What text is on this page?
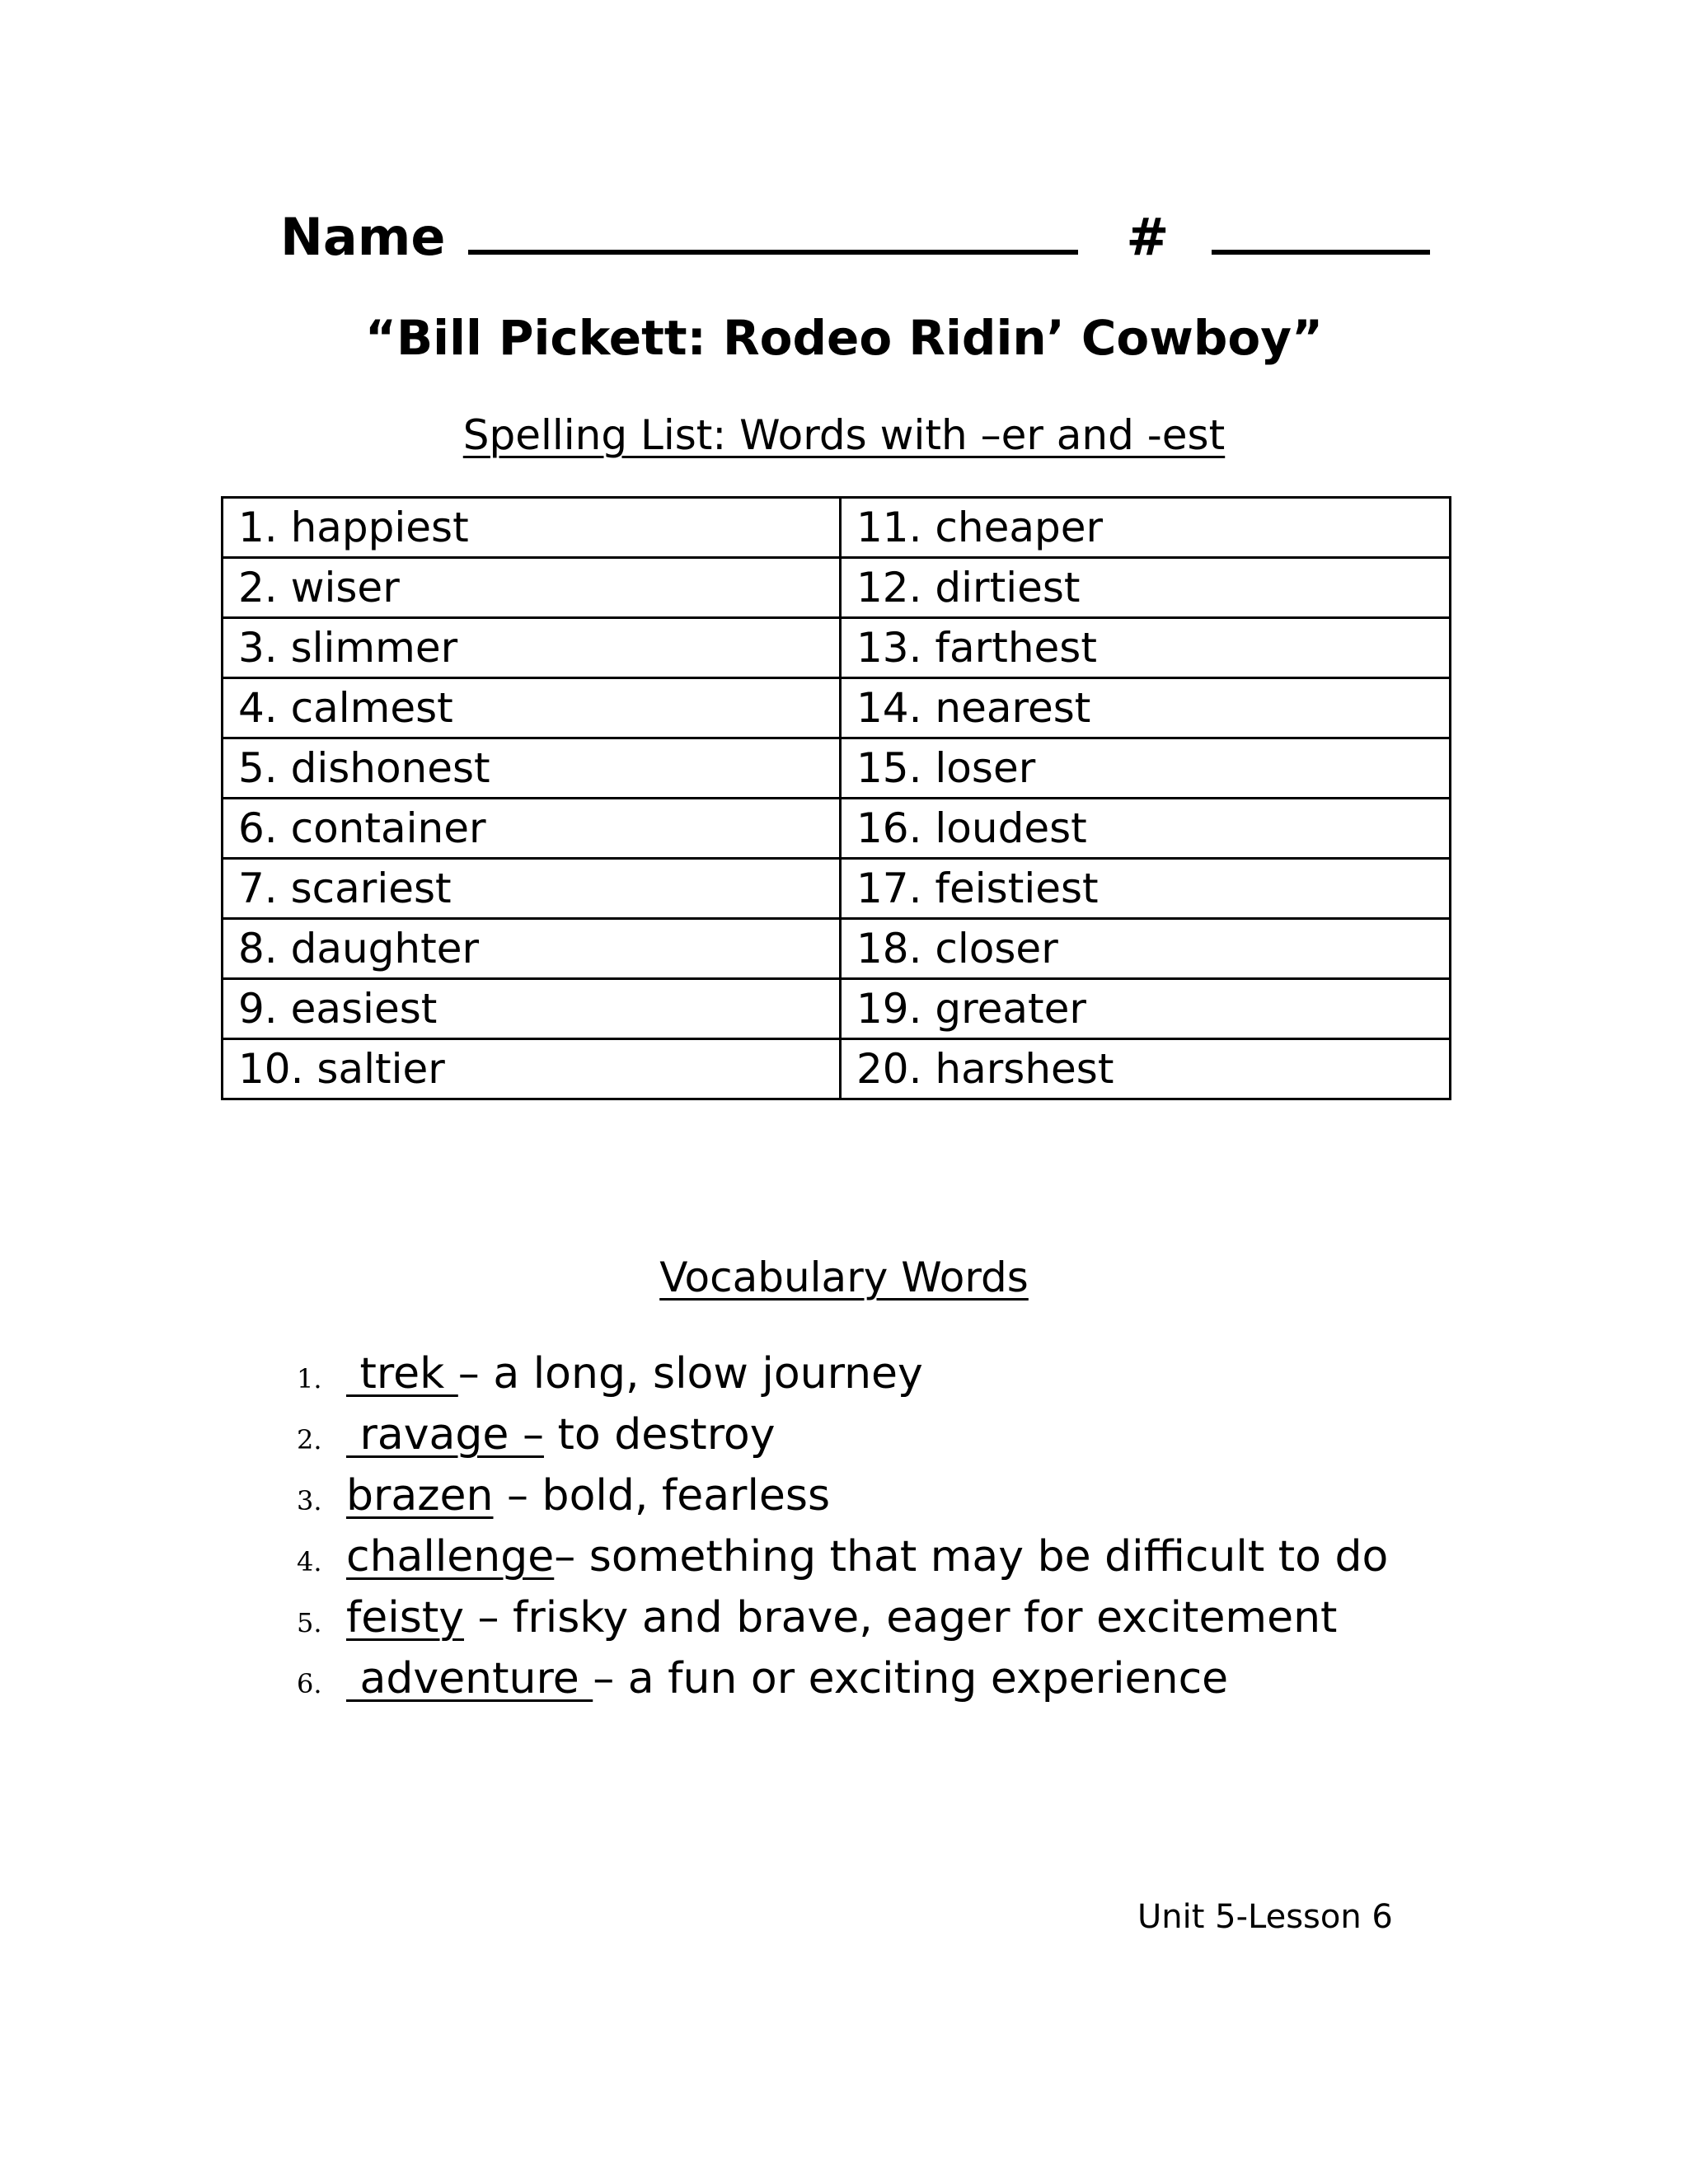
Name	#
“Bill Pickett: Rodeo Ridin’ Cowboy”
Spelling List: Words with –er and -est
1. happiest	11. cheaper
2. wiser	12. dirtiest
3. slimmer	13. farthest
4. calmest	14. nearest
5. dishonest	15. loser
6. container	16. loudest
7. scariest	17. feistiest
8. daughter	18. closer
9. easiest	19. greater
10. saltier	20. harshest
Vocabulary Words
1. trek – a long, slow journey
2. ravage – to destroy
3. brazen – bold, fearless
4. challenge– something that may be difficult to do
5. feisty – frisky and brave, eager for excitement
6. adventure – a fun or exciting experience
Unit 5-Lesson 6
